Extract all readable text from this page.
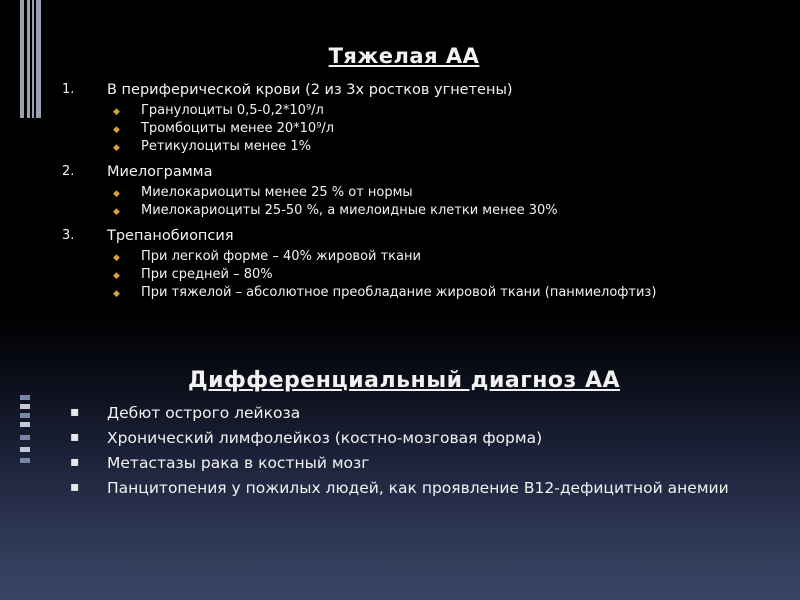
Тяжелая АА
1. В периферической крови (2 из 3х ростков угнетены)
◆ Гранулоциты 0,5-0,2*10⁹/л
◆ Тромбоциты менее 20*10⁹/л
◆ Ретикулоциты менее 1%
2. Миелограмма
◆ Миелокариоциты менее 25 % от нормы
◆ Миелокариоциты 25-50 %, а миелоидные клетки менее 30%
3. Трепанобиопсия
◆ При легкой форме – 40% жировой ткани
◆ При средней – 80%
◆ При тяжелой – абсолютное преобладание жировой ткани (панмиелофтиз)
Дифференциальный диагноз АА
▪ Дебют острого лейкоза
▪ Хронический лимфолейкоз (костно-мозговая форма)
▪ Метастазы рака в костный мозг
▪ Панцитопения у пожилых людей, как проявление В12-дефицитной анемии
